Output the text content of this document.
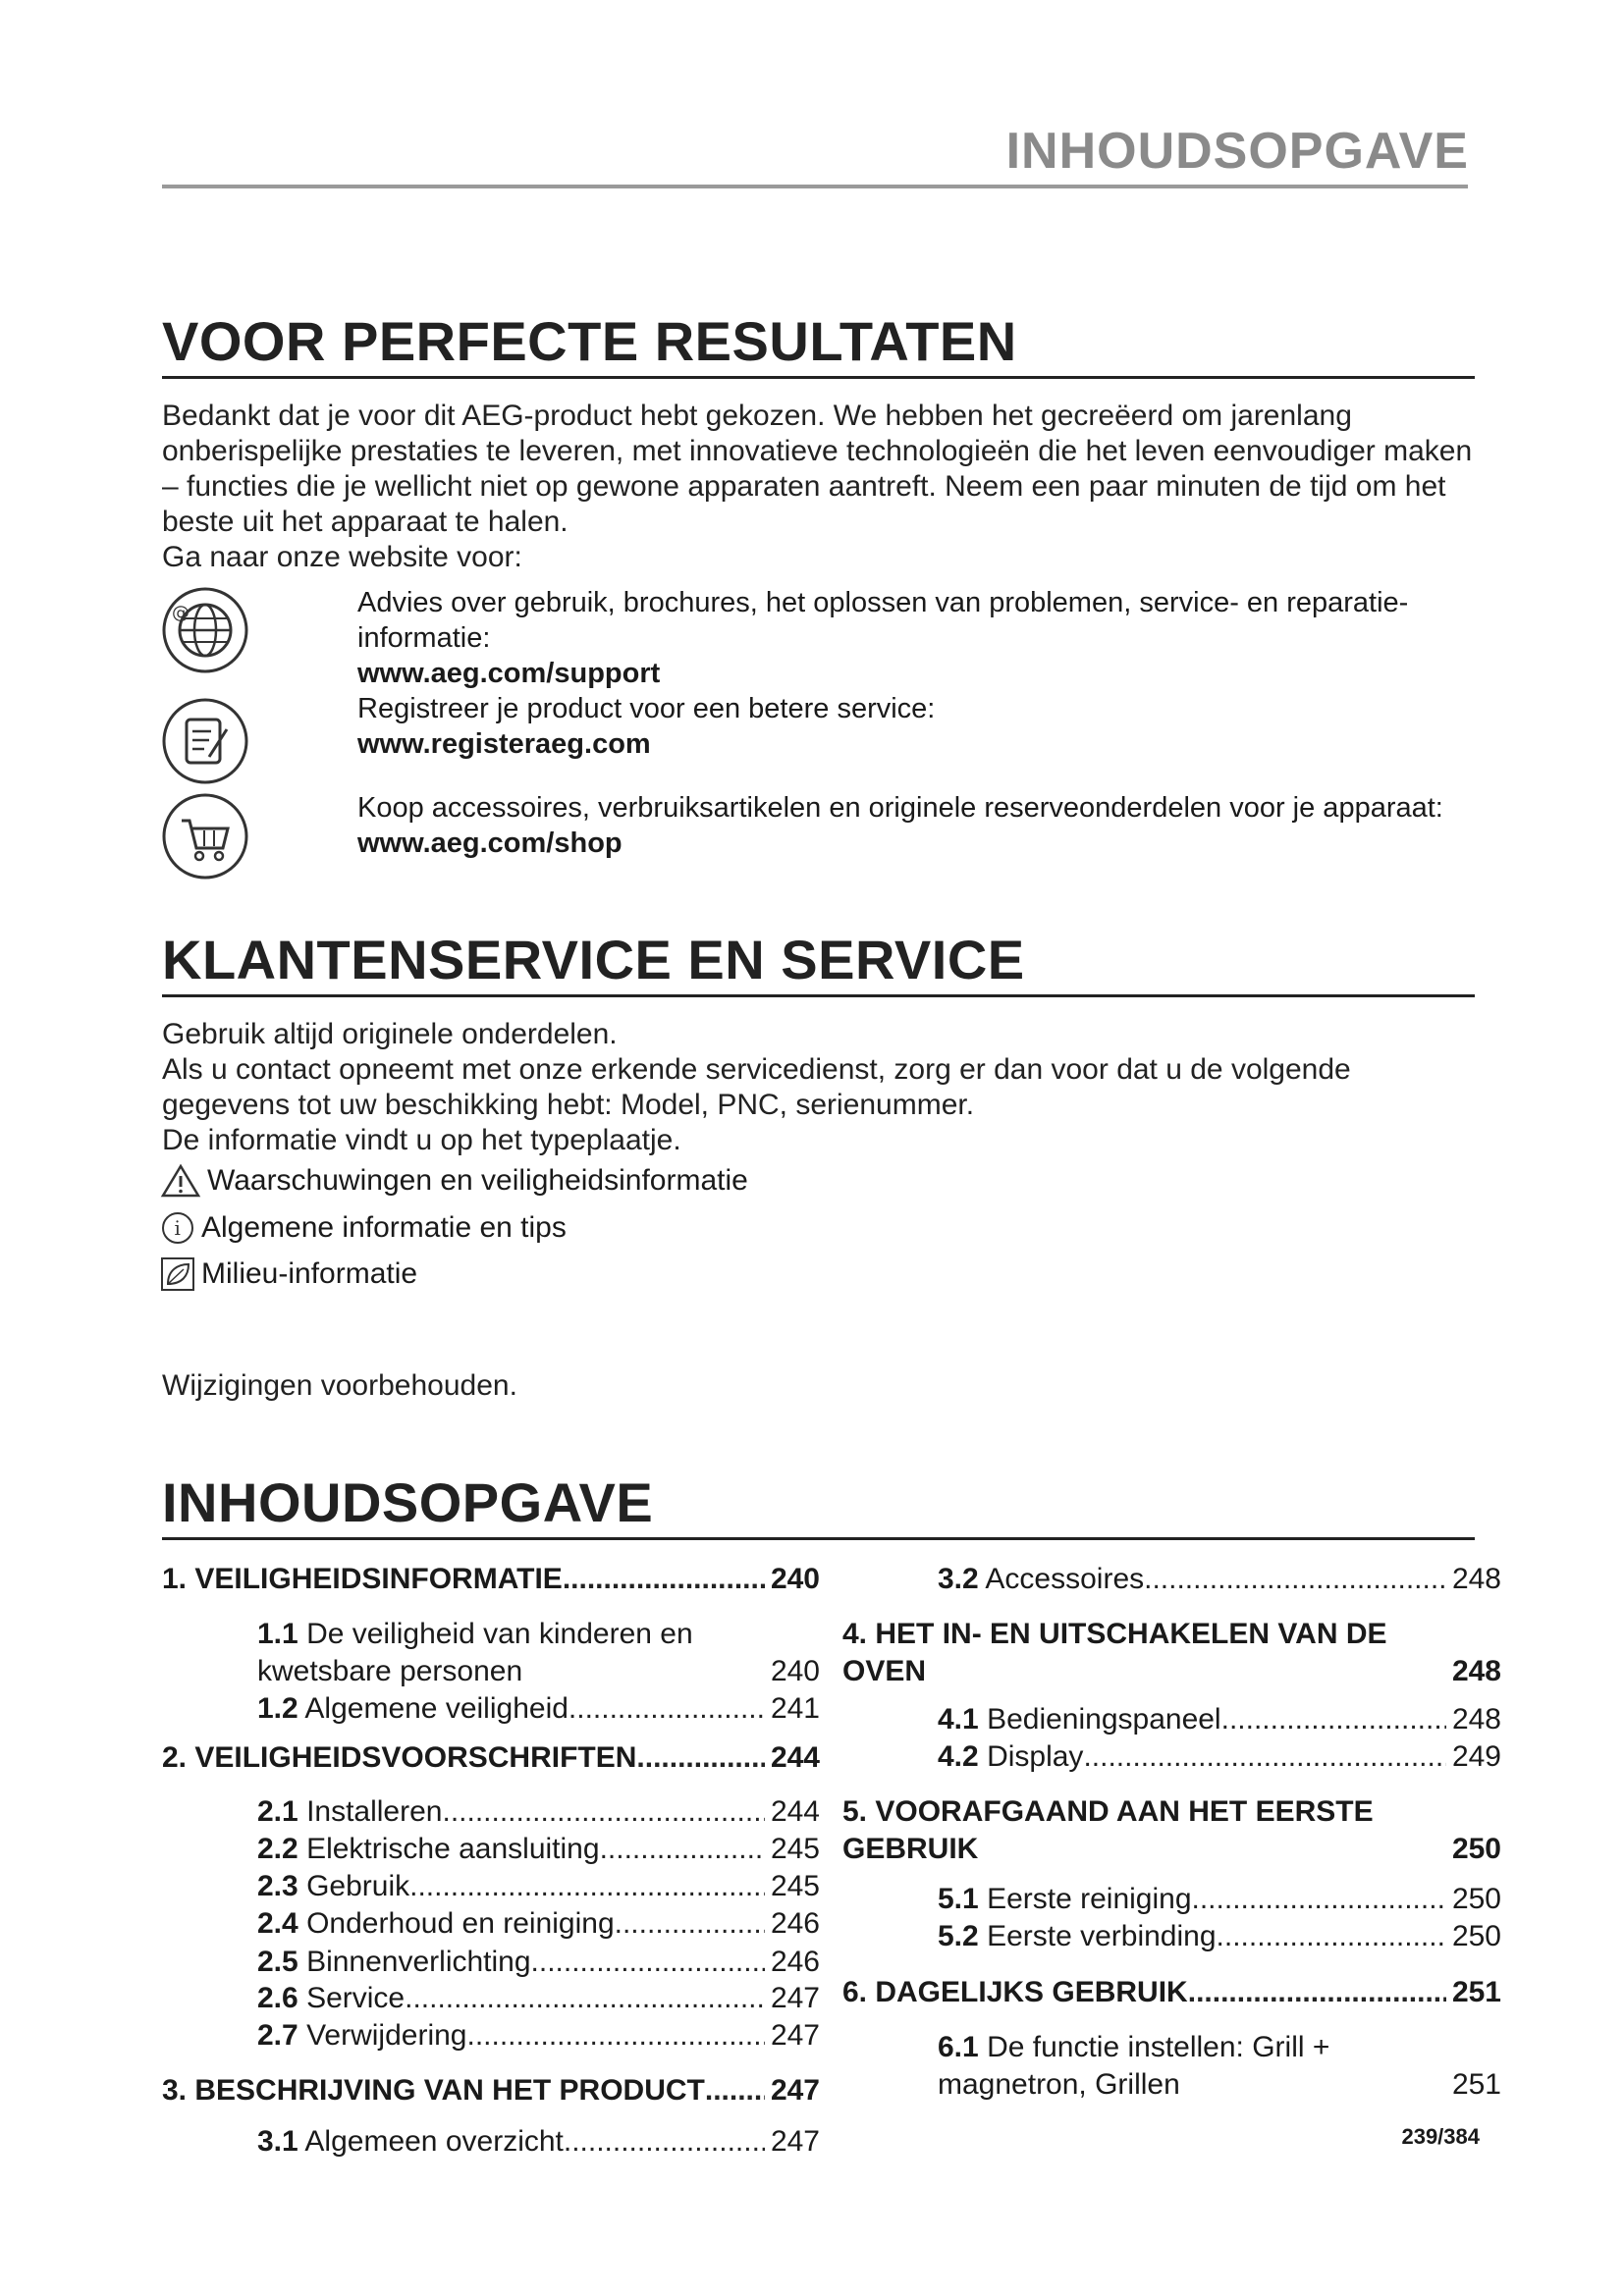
INHOUDSOPGAVE
VOOR PERFECTE RESULTATEN

Bedankt dat je voor dit AEG-product hebt gekozen. We hebben het gecreëerd om jarenlang onberispelijke prestaties te leveren, met innovatieve technologieën die het leven eenvoudiger maken – functies die je wellicht niet op gewone apparaten aantreft. Neem een paar minuten de tijd om het beste uit het apparaat te halen.

Ga naar onze website voor:

@	Advies over gebruik, brochures, het oplossen van problemen, service- en reparatie-informatie:

www.aeg.com/support

Registreer je product voor een betere service:

www.registeraeg.com

Koop accessoires, verbruiksartikelen en originele reserveonderdelen voor je apparaat:

www.aeg.com/shop

KLANTENSERVICE EN SERVICE

Gebruik altijd originele onderdelen.

Als u contact opneemt met onze erkende servicedienst, zorg er dan voor dat u de volgende gegevens tot uw beschikking hebt: Model, PNC, serienummer.

De informatie vindt u op het typeplaatje.

Waarschuwingen en veiligheidsinformatie
i Algemene informatie en tips
Milieu-informatie
Wijzigingen voorbehouden.
INHOUDSOPGAVE
1. VEILIGHEIDSINFORMATIE .....	240
1.1 De veiligheid van kinderen en
kwetsbare personen	240
1.2 Algemene veiligheid .....	241
2. VEILIGHEIDSVOORSCHRIFTEN .....	244
2.1 Installeren .....	244
2.2 Elektrische aansluiting .....	245
2.3 Gebruik .....	245
2.4 Onderhoud en reiniging .....	246
2.5 Binnenverlichting .....	246
2.6 Service .....	247
2.7 Verwijdering .....	247
3. BESCHRIJVING VAN HET PRODUCT ..... 247
3.1 Algemeen overzicht .....	247
3.2 Accessoires .....	248
4. HET IN- EN UITSCHAKELEN VAN DE
OVEN	248
4.1 Bedieningspaneel .....	248
4.2 Display .....	249
5. VOORAFGAAND AAN HET EERSTE
GEBRUIK	250
5.1 Eerste reiniging .....	250
5.2 Eerste verbinding .....	250
6. DAGELIJKS GEBRUIK .....	251
6.1 De functie instellen: Grill +
magnetron, Grillen	251
239/384
